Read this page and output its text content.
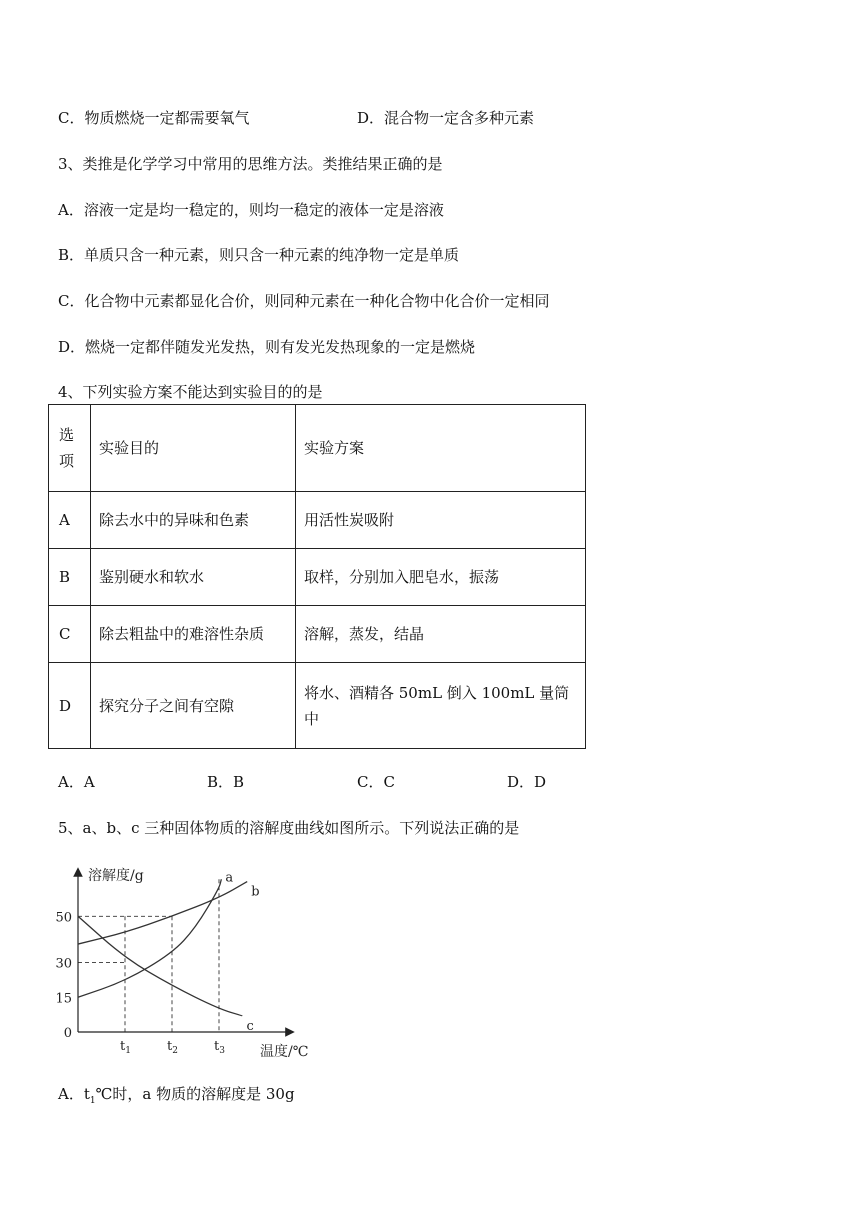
C．物质燃烧一定都需要氧气	D．混合物一定含多种元素
3、类推是化学学习中常用的思维方法。类推结果正确的是
A．溶液一定是均一稳定的，则均一稳定的液体一定是溶液
B．单质只含一种元素，则只含一种元素的纯净物一定是单质
C．化合物中元素都显化合价，则同种元素在一种化合物中化合价一定相同
D．燃烧一定都伴随发光发热，则有发光发热现象的一定是燃烧
4、下列实验方案不能达到实验目的的是
选
项	实验目的	实验方案
A	除去水中的异味和色素	用活性炭吸附
B	鉴别硬水和软水	取样，分别加入肥皂水，振荡
C	除去粗盐中的难溶性杂质	溶解，蒸发，结晶
D	探究分子之间有空隙	将水、酒精各 50mL 倒入 100mL 量筒
中
A．A	B．B	C．C	D．D
5、a、b、c 三种固体物质的溶解度曲线如图所示。下列说法正确的是
溶解度/g
温度/℃
50
30
15
0
$t_1$	$t_2$	$t_3$
a
b
c
A．$t_1℃$时，a 物质的溶解度是 30g
